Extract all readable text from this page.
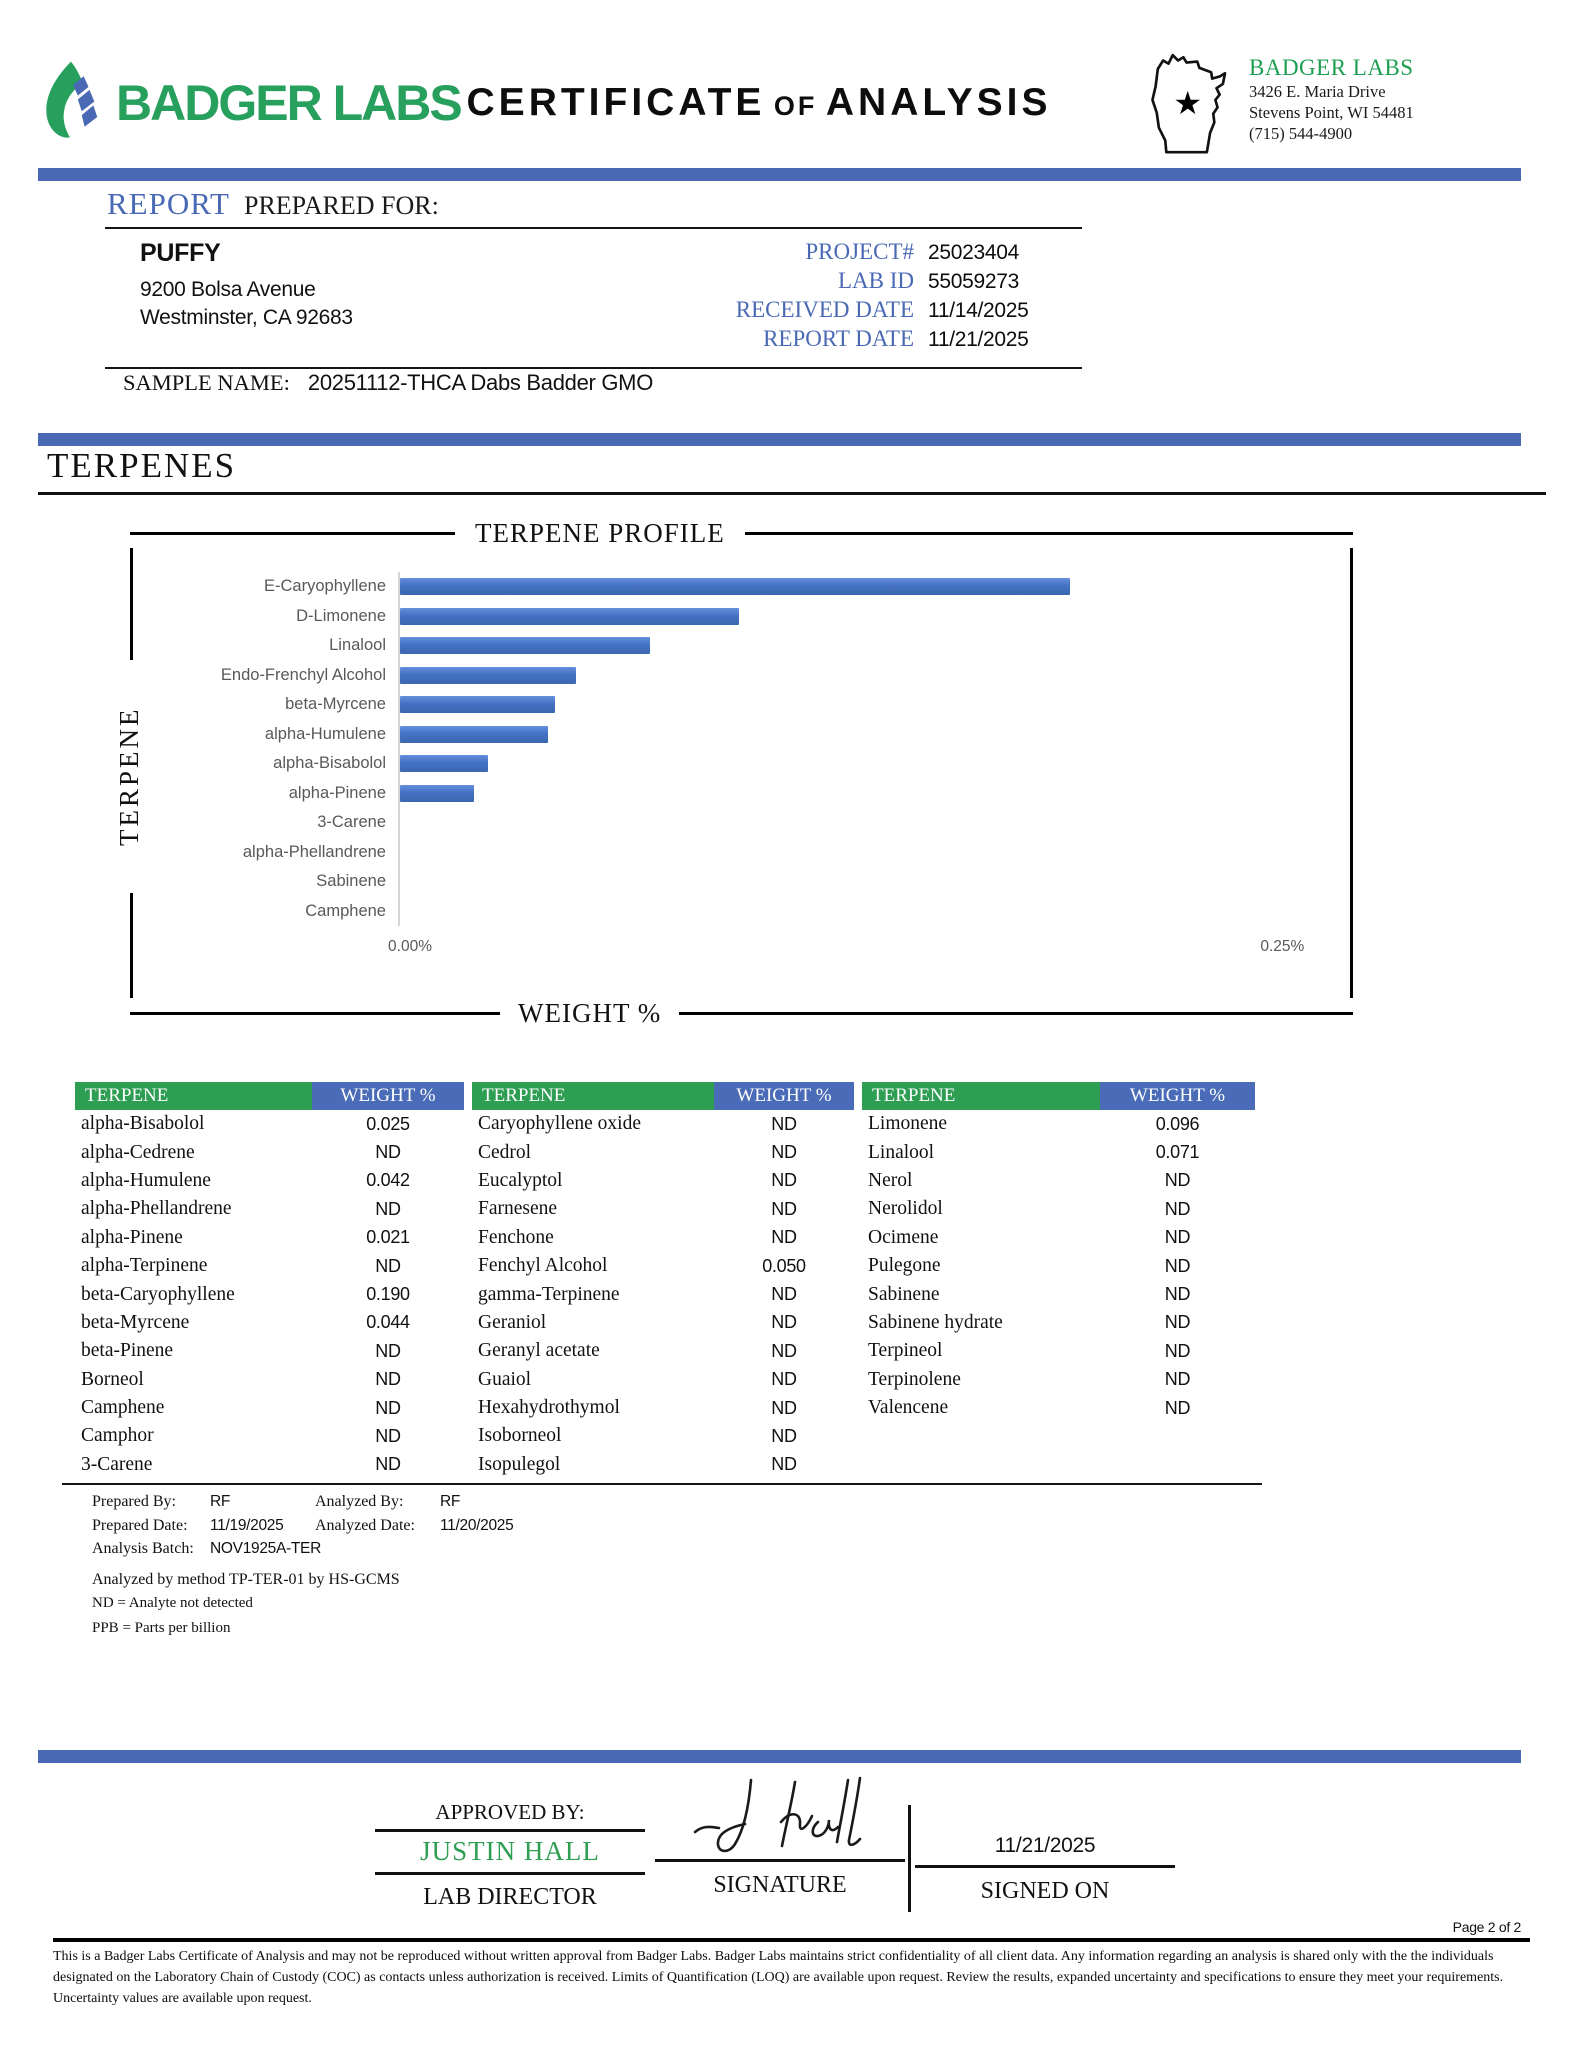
BADGER LABS CERTIFICATE OF ANALYSIS	★
BADGER LABS
3426 E. Maria Drive
Stevens Point, WI 54481
(715) 544-4900
REPORT PREPARED FOR:
PUFFY
9200 Bolsa Avenue
Westminster, CA 92683
PROJECT# 25023404
LAB ID 55059273
RECEIVED DATE 11/14/2025
REPORT DATE 11/21/2025
SAMPLE NAME: 20251112-THCA Dabs Badder GMO
TERPENES
TERPENE PROFILE
TERPENE
E-Caryophyllene
D-Limonene
Linalool
Endo-Frenchyl Alcohol
beta-Myrcene
alpha-Humulene
alpha-Bisabolol
alpha-Pinene
3-Carene
alpha-Phellandrene
Sabinene
Camphene
0.00%	0.25%
WEIGHT %
TERPENE	WEIGHT %
alpha-Bisabolol	0.025
alpha-Cedrene	ND
alpha-Humulene	0.042
alpha-Phellandrene	ND
alpha-Pinene	0.021
alpha-Terpinene	ND
beta-Caryophyllene	0.190
beta-Myrcene	0.044
beta-Pinene	ND
Borneol	ND
Camphene	ND
Camphor	ND
3-Carene	ND
TERPENE	WEIGHT %
Caryophyllene oxide	ND
Cedrol	ND
Eucalyptol	ND
Farnesene	ND
Fenchone	ND
Fenchyl Alcohol	0.050
gamma-Terpinene	ND
Geraniol	ND
Geranyl acetate	ND
Guaiol	ND
Hexahydrothymol	ND
Isoborneol	ND
Isopulegol	ND
TERPENE	WEIGHT %
Limonene	0.096
Linalool	0.071
Nerol	ND
Nerolidol	ND
Ocimene	ND
Pulegone	ND
Sabinene	ND
Sabinene hydrate	ND
Terpineol	ND
Terpinolene	ND
Valencene	ND
Prepared By:	RF	Analyzed By:	RF
Prepared Date:	11/19/2025	Analyzed Date:	11/20/2025
Analysis Batch:	NOV1925A-TER
Analyzed by method TP-TER-01 by HS-GCMS
ND = Analyte not detected
PPB = Parts per billion
APPROVED BY:
JUSTIN HALL
LAB DIRECTOR	SIGNATURE
11/21/2025
SIGNED ON
Page 2 of 2
This is a Badger Labs Certificate of Analysis and may not be reproduced without written approval from Badger Labs. Badger Labs maintains strict confidentiality of all client data. Any information regarding an analysis is shared only with the the individuals designated on the Laboratory Chain of Custody (COC) as contacts unless authorization is received. Limits of Quantification (LOQ) are available upon request. Review the results, expanded uncertainty and specifications to ensure they meet your requirements. Uncertainty values are available upon request.
